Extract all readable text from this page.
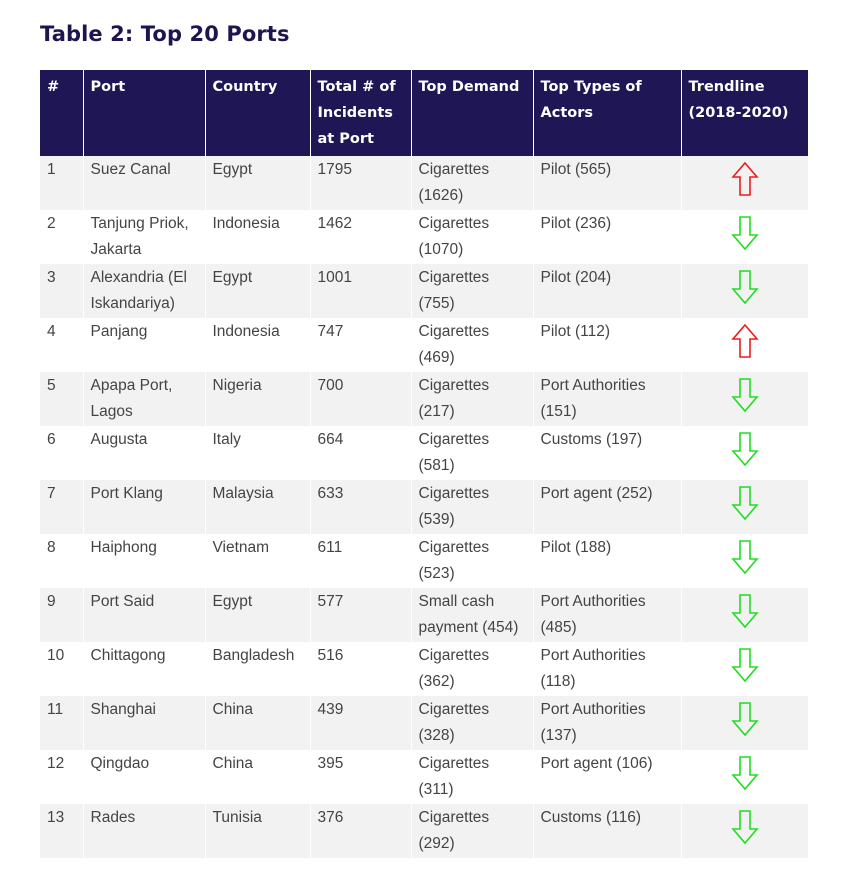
Table 2: Top 20 Ports
#	Port	Country	Total # of Incidents at Port	Top Demand	Top Types of Actors	Trendline (2018-2020)
1	Suez Canal	Egypt	1795	Cigarettes (1626)	Pilot (565)	
2	Tanjung Priok, Jakarta	Indonesia	1462	Cigarettes (1070)	Pilot (236)	
3	Alexandria (El Iskandariya)	Egypt	1001	Cigarettes (755)	Pilot (204)	
4	Panjang	Indonesia	747	Cigarettes (469)	Pilot (112)	
5	Apapa Port, Lagos	Nigeria	700	Cigarettes (217)	Port Authorities (151)	
6	Augusta	Italy	664	Cigarettes (581)	Customs (197)	
7	Port Klang	Malaysia	633	Cigarettes (539)	Port agent (252)	
8	Haiphong	Vietnam	611	Cigarettes (523)	Pilot (188)	
9	Port Said	Egypt	577	Small cash payment (454)	Port Authorities (485)	
10	Chittagong	Bangladesh	516	Cigarettes (362)	Port Authorities (118)	
11	Shanghai	China	439	Cigarettes (328)	Port Authorities (137)	
12	Qingdao	China	395	Cigarettes (311)	Port agent (106)	
13	Rades	Tunisia	376	Cigarettes (292)	Customs (116)	
